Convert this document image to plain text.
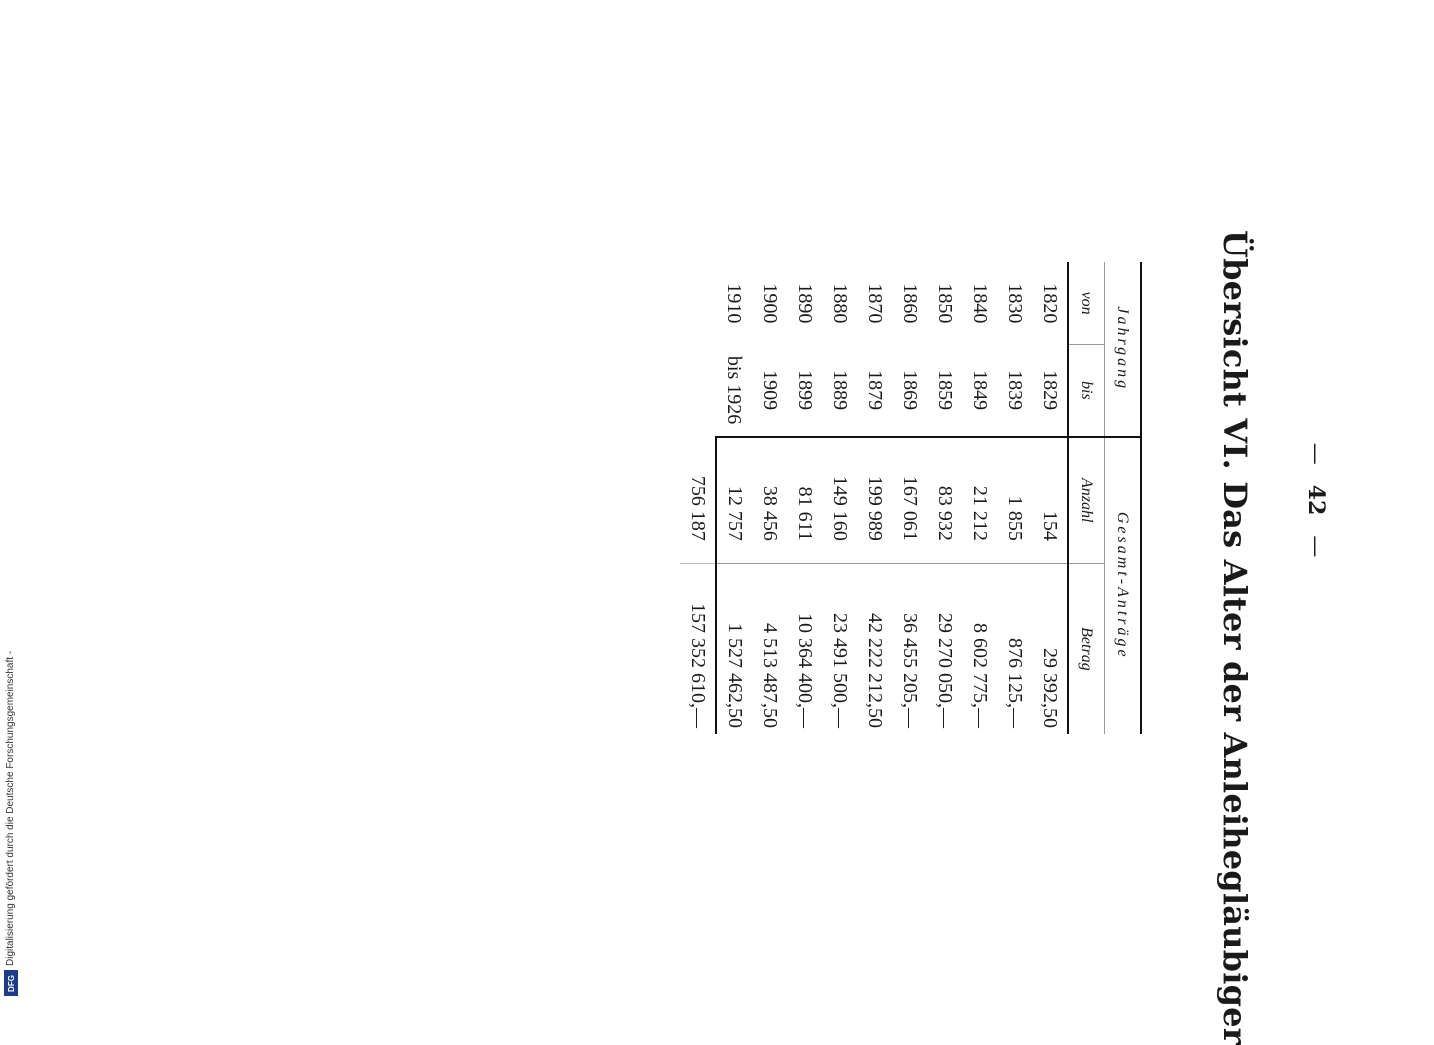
—42—
Übersicht VI. Das Alter der Anleihegläubiger
Jahrgang		Gesamt-Anträge	
von	bis	Anzahl	Betrag
1820	1829	154	29 392,50
1830	1839	1 855	876 125,—
1840	1849	21 212	8 602 775,—
1850	1859	83 932	29 270 050,—
1860	1869	167 061	36 455 205,—
1870	1879	199 989	42 222 212,50
1880	1889	149 160	23 491 500,—
1890	1899	81 611	10 364 400,—
1900	1909	38 456	4 513 487,50
1910	bis 1926	12 757	1 527 462,50
		756 187	157 352 610,—
Digitalisierung gefördert durch die Deutsche Forschungsgemeinschaft -
DFG
